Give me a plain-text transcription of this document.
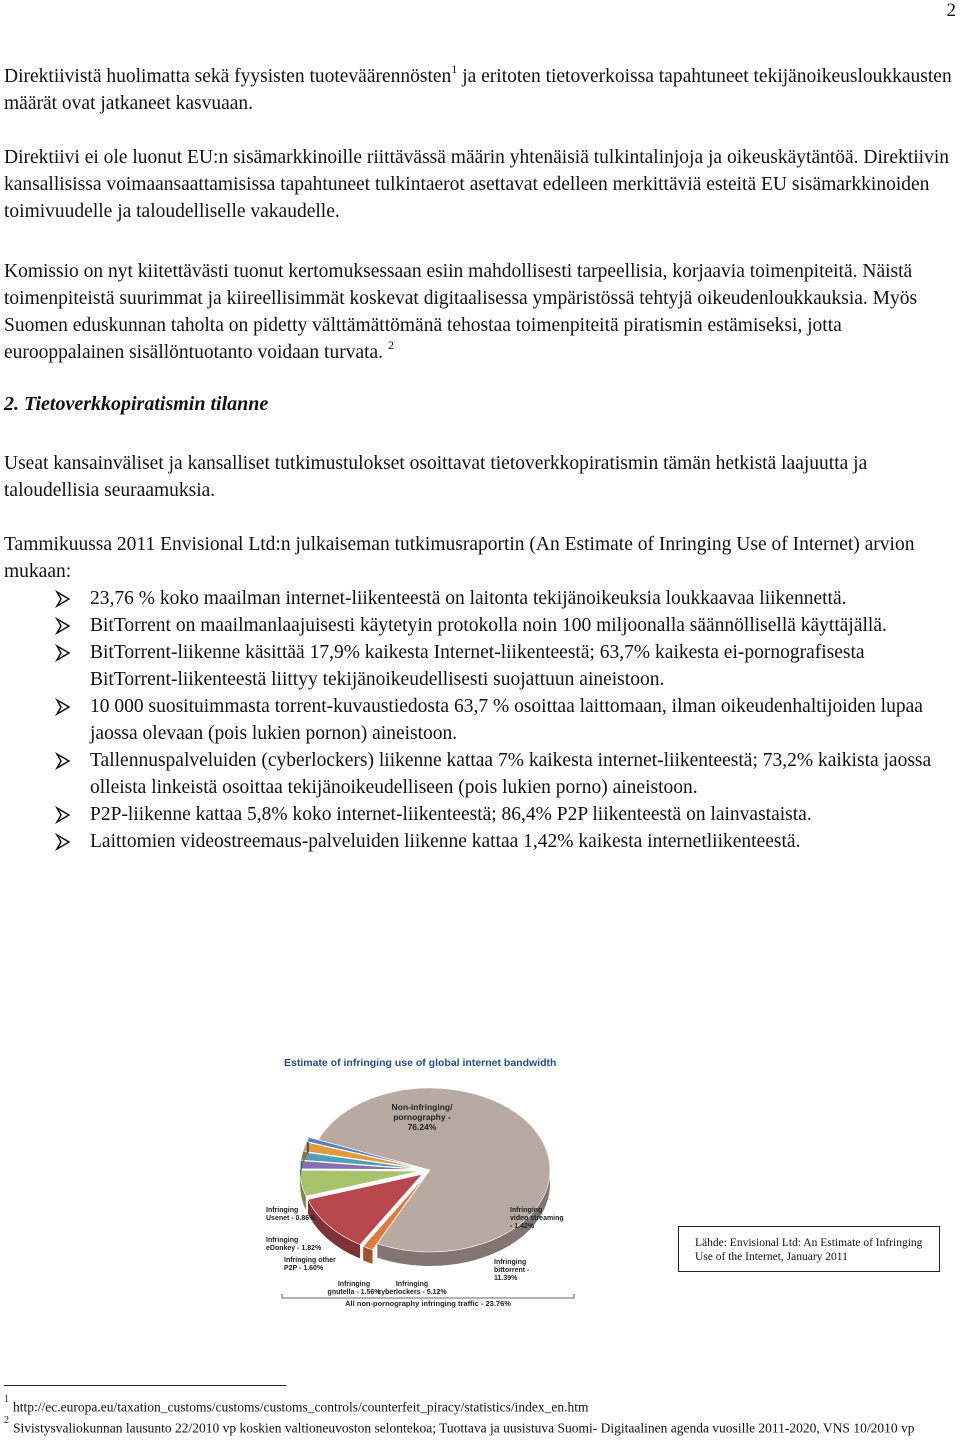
2

Direktiivistä huolimatta sekä fyysisten tuoteväärennösten$^1$ ja eritoten tietoverkoissa tapahtuneet tekijänoikeusloukkausten määrät ovat jatkaneet kasvuaan.

Direktiivi ei ole luonut EU:n sisämarkkinoille riittävässä määrin yhtenäisiä tulkintalinjoja ja oikeuskäytäntöä. Direktiivin kansallisissa voimaansaattamisissa tapahtuneet tulkintaerot asettavat edelleen merkittäviä esteitä EU sisämarkkinoiden toimivuudelle ja taloudelliselle vakaudelle.

Komissio on nyt kiitettävästi tuonut kertomuksessaan esiin mahdollisesti tarpeellisia, korjaavia toimenpiteitä. Näistä toimenpiteistä suurimmat ja kiireellisimmät koskevat digitaalisessa ympäristössä tehtyjä oikeudenloukkauksia. Myös Suomen eduskunnan taholta on pidetty välttämättömänä tehostaa toimenpiteitä piratismin estämiseksi, jotta eurooppalainen sisällöntuotanto voidaan turvata. $^2$

2. Tietoverkkopiratismin tilanne

Useat kansainväliset ja kansalliset tutkimustulokset osoittavat tietoverkkopiratismin tämän hetkistä laajuutta ja taloudellisia seuraamuksia.

Tammikuussa 2011 Envisional Ltd:n julkaiseman tutkimusraportin (An Estimate of Inringing Use of Internet) arvion mukaan:

23,76 % koko maailman internet-liikenteestä on laitonta tekijänoikeuksia loukkaavaa liikennettä.
BitTorrent on maailmanlaajuisesti käytetyin protokolla noin 100 miljoonalla säännöllisellä käyttäjällä.
BitTorrent-liikenne käsittää 17,9% kaikesta Internet-liikenteestä; 63,7% kaikesta ei-pornografisesta BitTorrent-liikenteestä liittyy tekijänoikeudellisesti suojattuun aineistoon.
10 000 suosituimmasta torrent-kuvaustiedosta 63,7 % osoittaa laittomaan, ilman oikeudenhaltijoiden lupaa jaossa olevaan (pois lukien pornon) aineistoon.
Tallennuspalveluiden (cyberlockers) liikenne kattaa 7% kaikesta internet-liikenteestä; 73,2% kaikista jaossa olleista linkeistä osoittaa tekijänoikeudelliseen (pois lukien porno) aineistoon.
P2P-liikenne kattaa 5,8% koko internet-liikenteestä; 86,4% P2P liikenteestä on lainvastaista.
Laittomien videostreemaus-palveluiden liikenne kattaa 1,42% kaikesta internetliikenteestä.
Estimate of infringing use of global internet bandwidth
Non-infringing/ pornography -76.24%
Infringing video streaming - 1.42%
Infringing bittorrent -11.39%
Infringing cyberlockers - 5.12%
Infringing gnutella - 1.56%
Infringing other P2P - 1.60%
Infringing eDonkey - 1.82%
Infringing Usenet - 0.86%
All non-pornography infringing traffic - 23.76%
Lähde: Envisional Ltd: An Estimate of Infringing Use of the Internet, January 2011

$^1$ http://ec.europa.eu/taxation_customs/customs/customs_controls/counterfeit_piracy/statistics/index_en.htm

$^2$ Sivistysvaliokunnan lausunto 22/2010 vp koskien valtioneuvoston selontekoa; Tuottava ja uusistuva Suomi- Digitaalinen agenda vuosille 2011-2020, VNS 10/2010 vp
